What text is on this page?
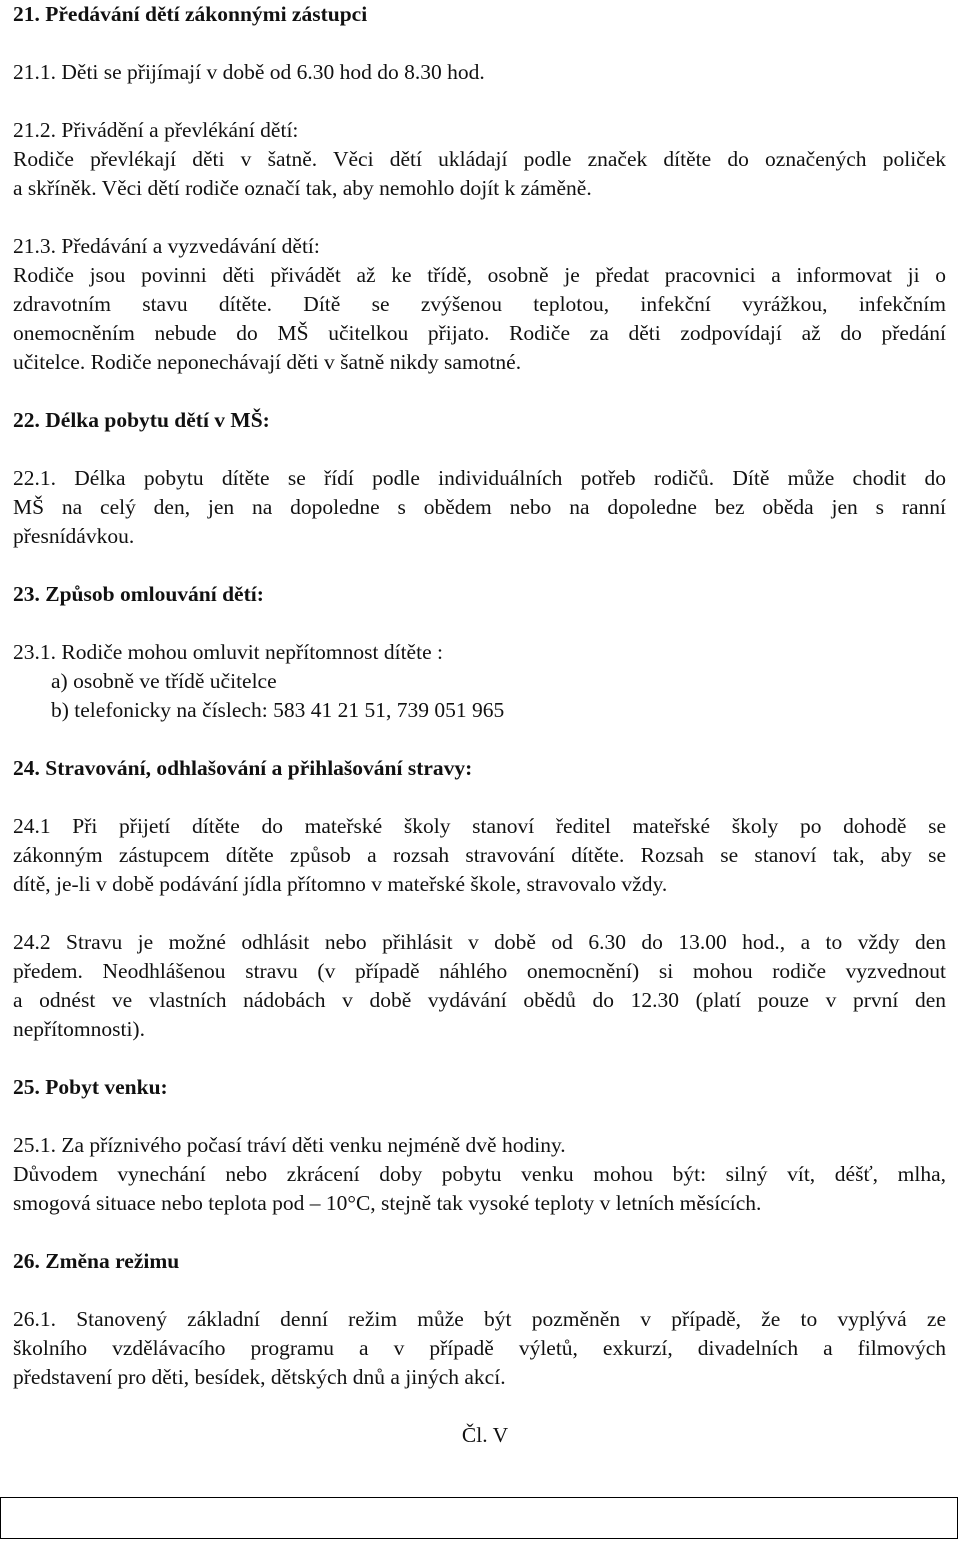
21. Předávání dětí zákonnými zástupci
21.1. Děti se přijímají v době od 6.30 hod do 8.30 hod.
21.2. Přivádění a převlékání dětí:
Rodiče převlékají děti v šatně. Věci dětí ukládají podle značek dítěte do označených poliček
a skříněk. Věci dětí rodiče označí tak, aby nemohlo dojít k záměně.
21.3. Předávání a vyzvedávání dětí:
Rodiče jsou povinni děti přivádět až ke třídě, osobně je předat pracovnici a informovat ji o
zdravotním stavu dítěte. Dítě se zvýšenou teplotou, infekční vyrážkou, infekčním
onemocněním nebude do MŠ učitelkou přijato. Rodiče za děti zodpovídají až do předání
učitelce. Rodiče neponechávají děti v šatně nikdy samotné.
22. Délka pobytu dětí v MŠ:
22.1. Délka pobytu dítěte se řídí podle individuálních potřeb rodičů. Dítě může chodit do
MŠ na celý den, jen na dopoledne s obědem nebo na dopoledne bez oběda jen s ranní
přesnídávkou.
23. Způsob omlouvání dětí:
23.1. Rodiče mohou omluvit nepřítomnost dítěte :
a) osobně ve třídě učitelce
b) telefonicky na číslech: 583 41 21 51, 739 051 965
24. Stravování, odhlašování a přihlašování stravy:
24.1 Při přijetí dítěte do mateřské školy stanoví ředitel mateřské školy po dohodě se
zákonným zástupcem dítěte způsob a rozsah stravování dítěte. Rozsah se stanoví tak, aby se
dítě, je-li v době podávání jídla přítomno v mateřské škole, stravovalo vždy.
24.2 Stravu je možné odhlásit nebo přihlásit v době od 6.30 do 13.00 hod., a to vždy den
předem. Neodhlášenou stravu (v případě náhlého onemocnění) si mohou rodiče vyzvednout
a odnést ve vlastních nádobách v době vydávání obědů do 12.30 (platí pouze v první den
nepřítomnosti).
25. Pobyt venku:
25.1. Za příznivého počasí tráví děti venku nejméně dvě hodiny.
Důvodem vynechání nebo zkrácení doby pobytu venku mohou být: silný vít, déšť, mlha,
smogová situace nebo teplota pod – 10°C, stejně tak vysoké teploty v letních měsících.
26. Změna režimu
26.1. Stanovený základní denní režim může být pozměněn v případě, že to vyplývá ze
školního vzdělávacího programu a v případě výletů, exkurzí, divadelních a filmových
představení pro děti, besídek, dětských dnů a jiných akcí.
Čl. V
